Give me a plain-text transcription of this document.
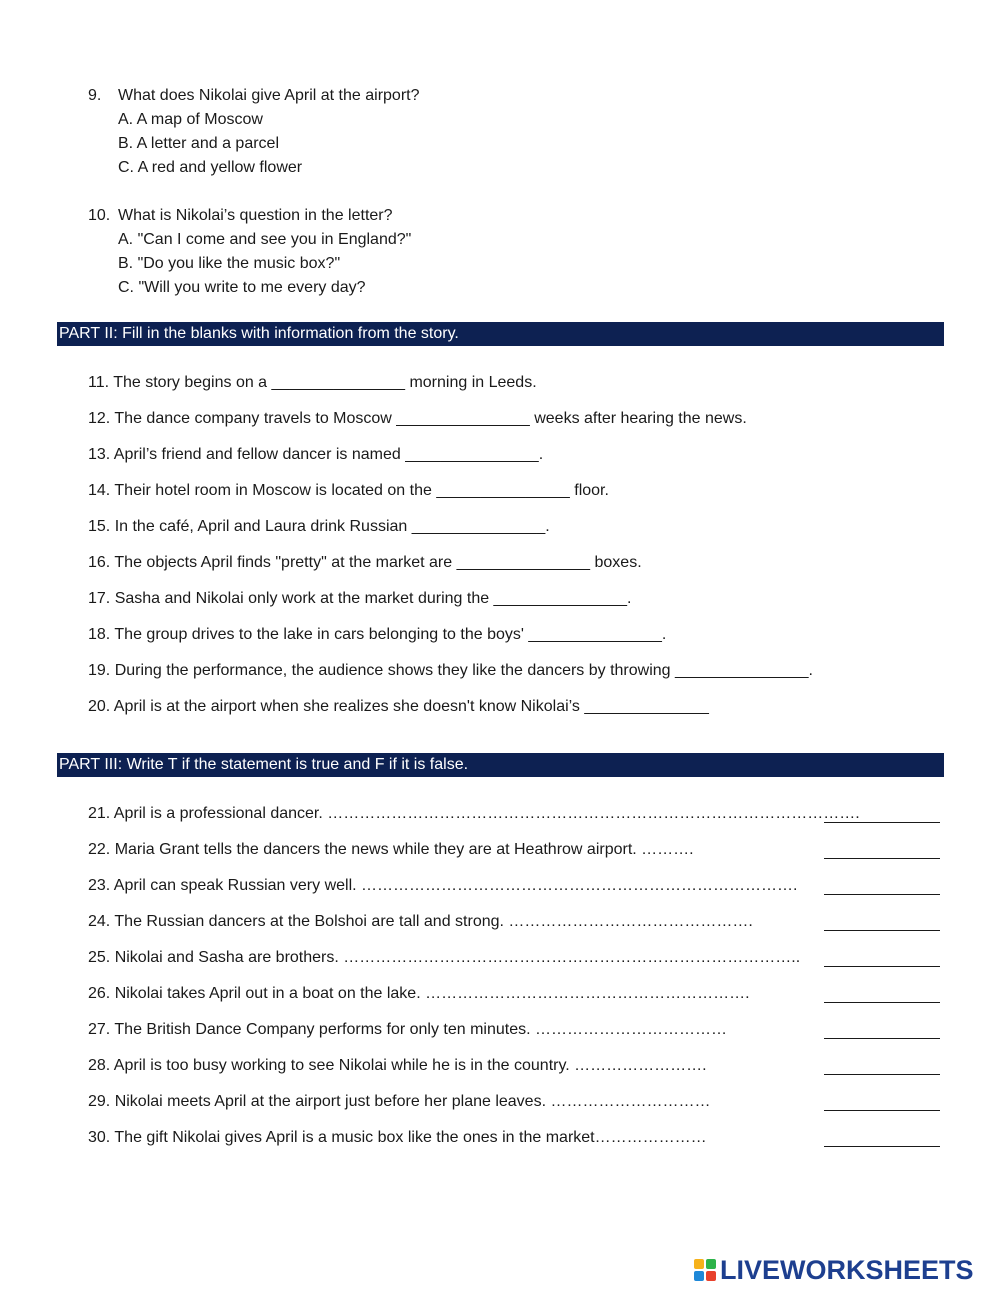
9. What does Nikolai give April at the airport?
A. A map of Moscow
B. A letter and a parcel
C. A red and yellow flower
10. What is Nikolai’s question in the letter?
A. "Can I come and see you in England?"
B. "Do you like the music box?"
C. "Will you write to me every day?
PART II: Fill in the blanks with information from the story.
11. The story begins on a _______________ morning in Leeds.
12. The dance company travels to Moscow _______________ weeks after hearing the news.
13. April’s friend and fellow dancer is named _______________.
14. Their hotel room in Moscow is located on the _______________ floor.
15. In the café, April and Laura drink Russian _______________.
16. The objects April finds "pretty" at the market are _______________ boxes.
17. Sasha and Nikolai only work at the market during the _______________.
18. The group drives to the lake in cars belonging to the boys' _______________.
19. During the performance, the audience shows they like the dancers by throwing _______________.
20. April is at the airport when she realizes she doesn't know Nikolai’s ______________
PART III: Write T if the statement is true and F if it is false.
21. April is a professional dancer. ……………………………………………………………………………………….
22. Maria Grant tells the dancers the news while they are at Heathrow airport. ……….
23. April can speak Russian very well. ……………………………………………………………………….
24. The Russian dancers at the Bolshoi are tall and strong. ……………………………………….
25. Nikolai and Sasha are brothers. …………………………………………………………………………..
26. Nikolai takes April out in a boat on the lake. …………………………………………………….
27. The British Dance Company performs for only ten minutes. ………………………………
28. April is too busy working to see Nikolai while he is in the country. …………………….
29. Nikolai meets April at the airport just before her plane leaves. …………………………
30. The gift Nikolai gives April is a music box like the ones in the market…………………
LIVEWORKSHEETS
